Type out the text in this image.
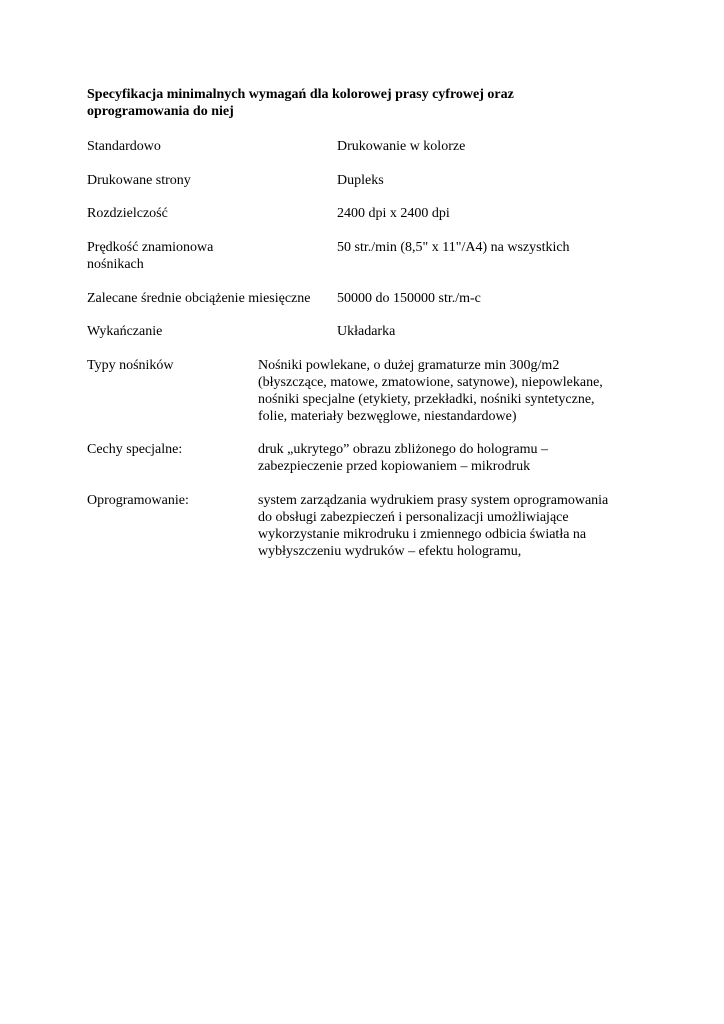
Specyfikacja minimalnych wymagań dla kolorowej prasy cyfrowej oraz
oprogramowania do niej
Standardowo	Drukowanie w kolorze
Drukowane strony	Dupleks
Rozdzielczość	2400 dpi x 2400 dpi
Prędkość znamionowa	50 str./min (8,5" x 11"/A4) na wszystkich
nośnikach
Zalecane średnie obciążenie miesięczne 50000 do 150000 str./m-c
Wykańczanie	Układarka
Typy nośników	Nośniki powlekane, o dużej gramaturze min 300g/m2
(błyszczące, matowe, zmatowione, satynowe), niepowlekane,
nośniki specjalne (etykiety, przekładki, nośniki syntetyczne,
folie, materiały bezwęglowe, niestandardowe)
Cechy specjalne:	druk „ukrytego” obrazu zbliżonego do hologramu –
zabezpieczenie przed kopiowaniem – mikrodruk
Oprogramowanie:	system zarządzania wydrukiem prasy system oprogramowania
do obsługi zabezpieczeń i personalizacji umożliwiające
wykorzystanie mikrodruku i zmiennego odbicia światła na
wybłyszczeniu wydruków – efektu hologramu,
